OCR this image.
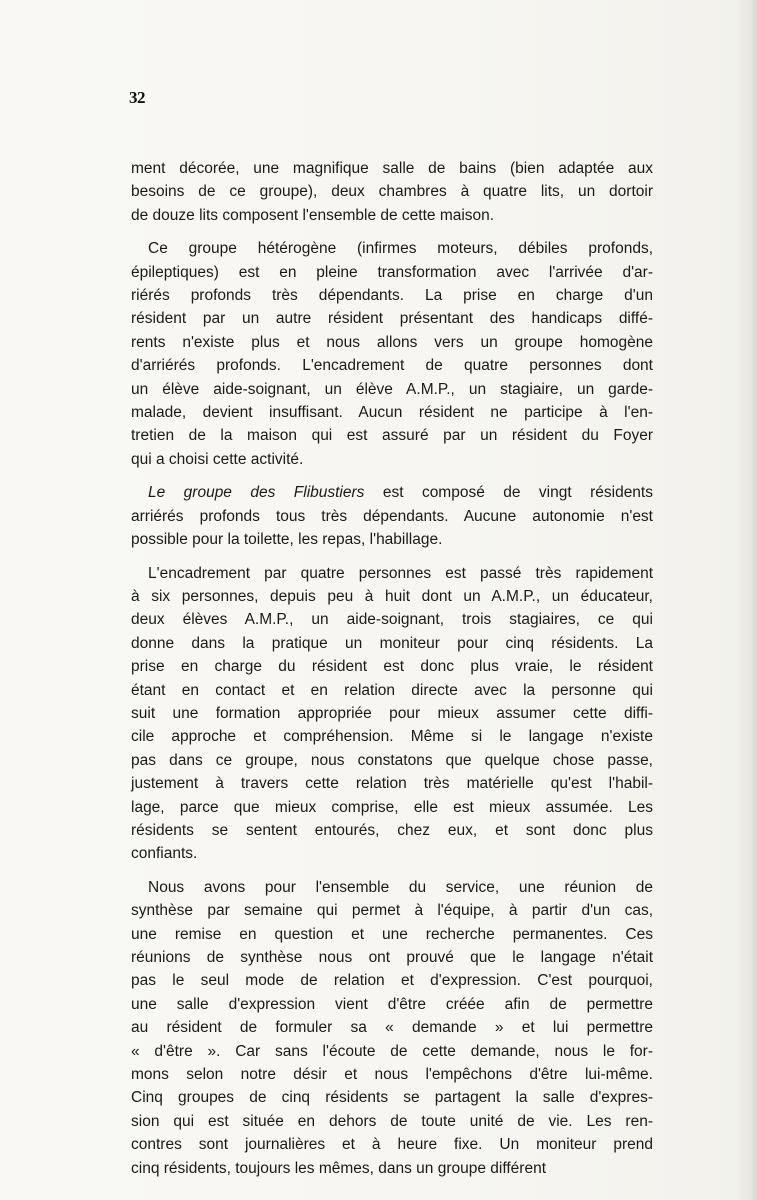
32
ment décorée, une magnifique salle de bains (bien adaptée aux
besoins de ce groupe), deux chambres à quatre lits, un dortoir
de douze lits composent l'ensemble de cette maison.
Ce groupe hétérogène (infirmes moteurs, débiles profonds,
épileptiques) est en pleine transformation avec l'arrivée d'ar-
riérés profonds très dépendants. La prise en charge d'un
résident par un autre résident présentant des handicaps diffé-
rents n'existe plus et nous allons vers un groupe homogène
d'arriérés profonds. L'encadrement de quatre personnes dont
un élève aide-soignant, un élève A.M.P., un stagiaire, un garde-
malade, devient insuffisant. Aucun résident ne participe à l'en-
tretien de la maison qui est assuré par un résident du Foyer
qui a choisi cette activité.
Le groupe des Flibustiers est composé de vingt résidents
arriérés profonds tous très dépendants. Aucune autonomie n'est
possible pour la toilette, les repas, l'habillage.
L'encadrement par quatre personnes est passé très rapidement
à six personnes, depuis peu à huit dont un A.M.P., un éducateur,
deux élèves A.M.P., un aide-soignant, trois stagiaires, ce qui
donne dans la pratique un moniteur pour cinq résidents. La
prise en charge du résident est donc plus vraie, le résident
étant en contact et en relation directe avec la personne qui
suit une formation appropriée pour mieux assumer cette diffi-
cile approche et compréhension. Même si le langage n'existe
pas dans ce groupe, nous constatons que quelque chose passe,
justement à travers cette relation très matérielle qu'est l'habil-
lage, parce que mieux comprise, elle est mieux assumée. Les
résidents se sentent entourés, chez eux, et sont donc plus
confiants.
Nous avons pour l'ensemble du service, une réunion de
synthèse par semaine qui permet à l'équipe, à partir d'un cas,
une remise en question et une recherche permanentes. Ces
réunions de synthèse nous ont prouvé que le langage n'était
pas le seul mode de relation et d'expression. C'est pourquoi,
une salle d'expression vient d'être créée afin de permettre
au résident de formuler sa « demande » et lui permettre
« d'être ». Car sans l'écoute de cette demande, nous le for-
mons selon notre désir et nous l'empêchons d'être lui-même.
Cinq groupes de cinq résidents se partagent la salle d'expres-
sion qui est située en dehors de toute unité de vie. Les ren-
contres sont journalières et à heure fixe. Un moniteur prend
cinq résidents, toujours les mêmes, dans un groupe différent
